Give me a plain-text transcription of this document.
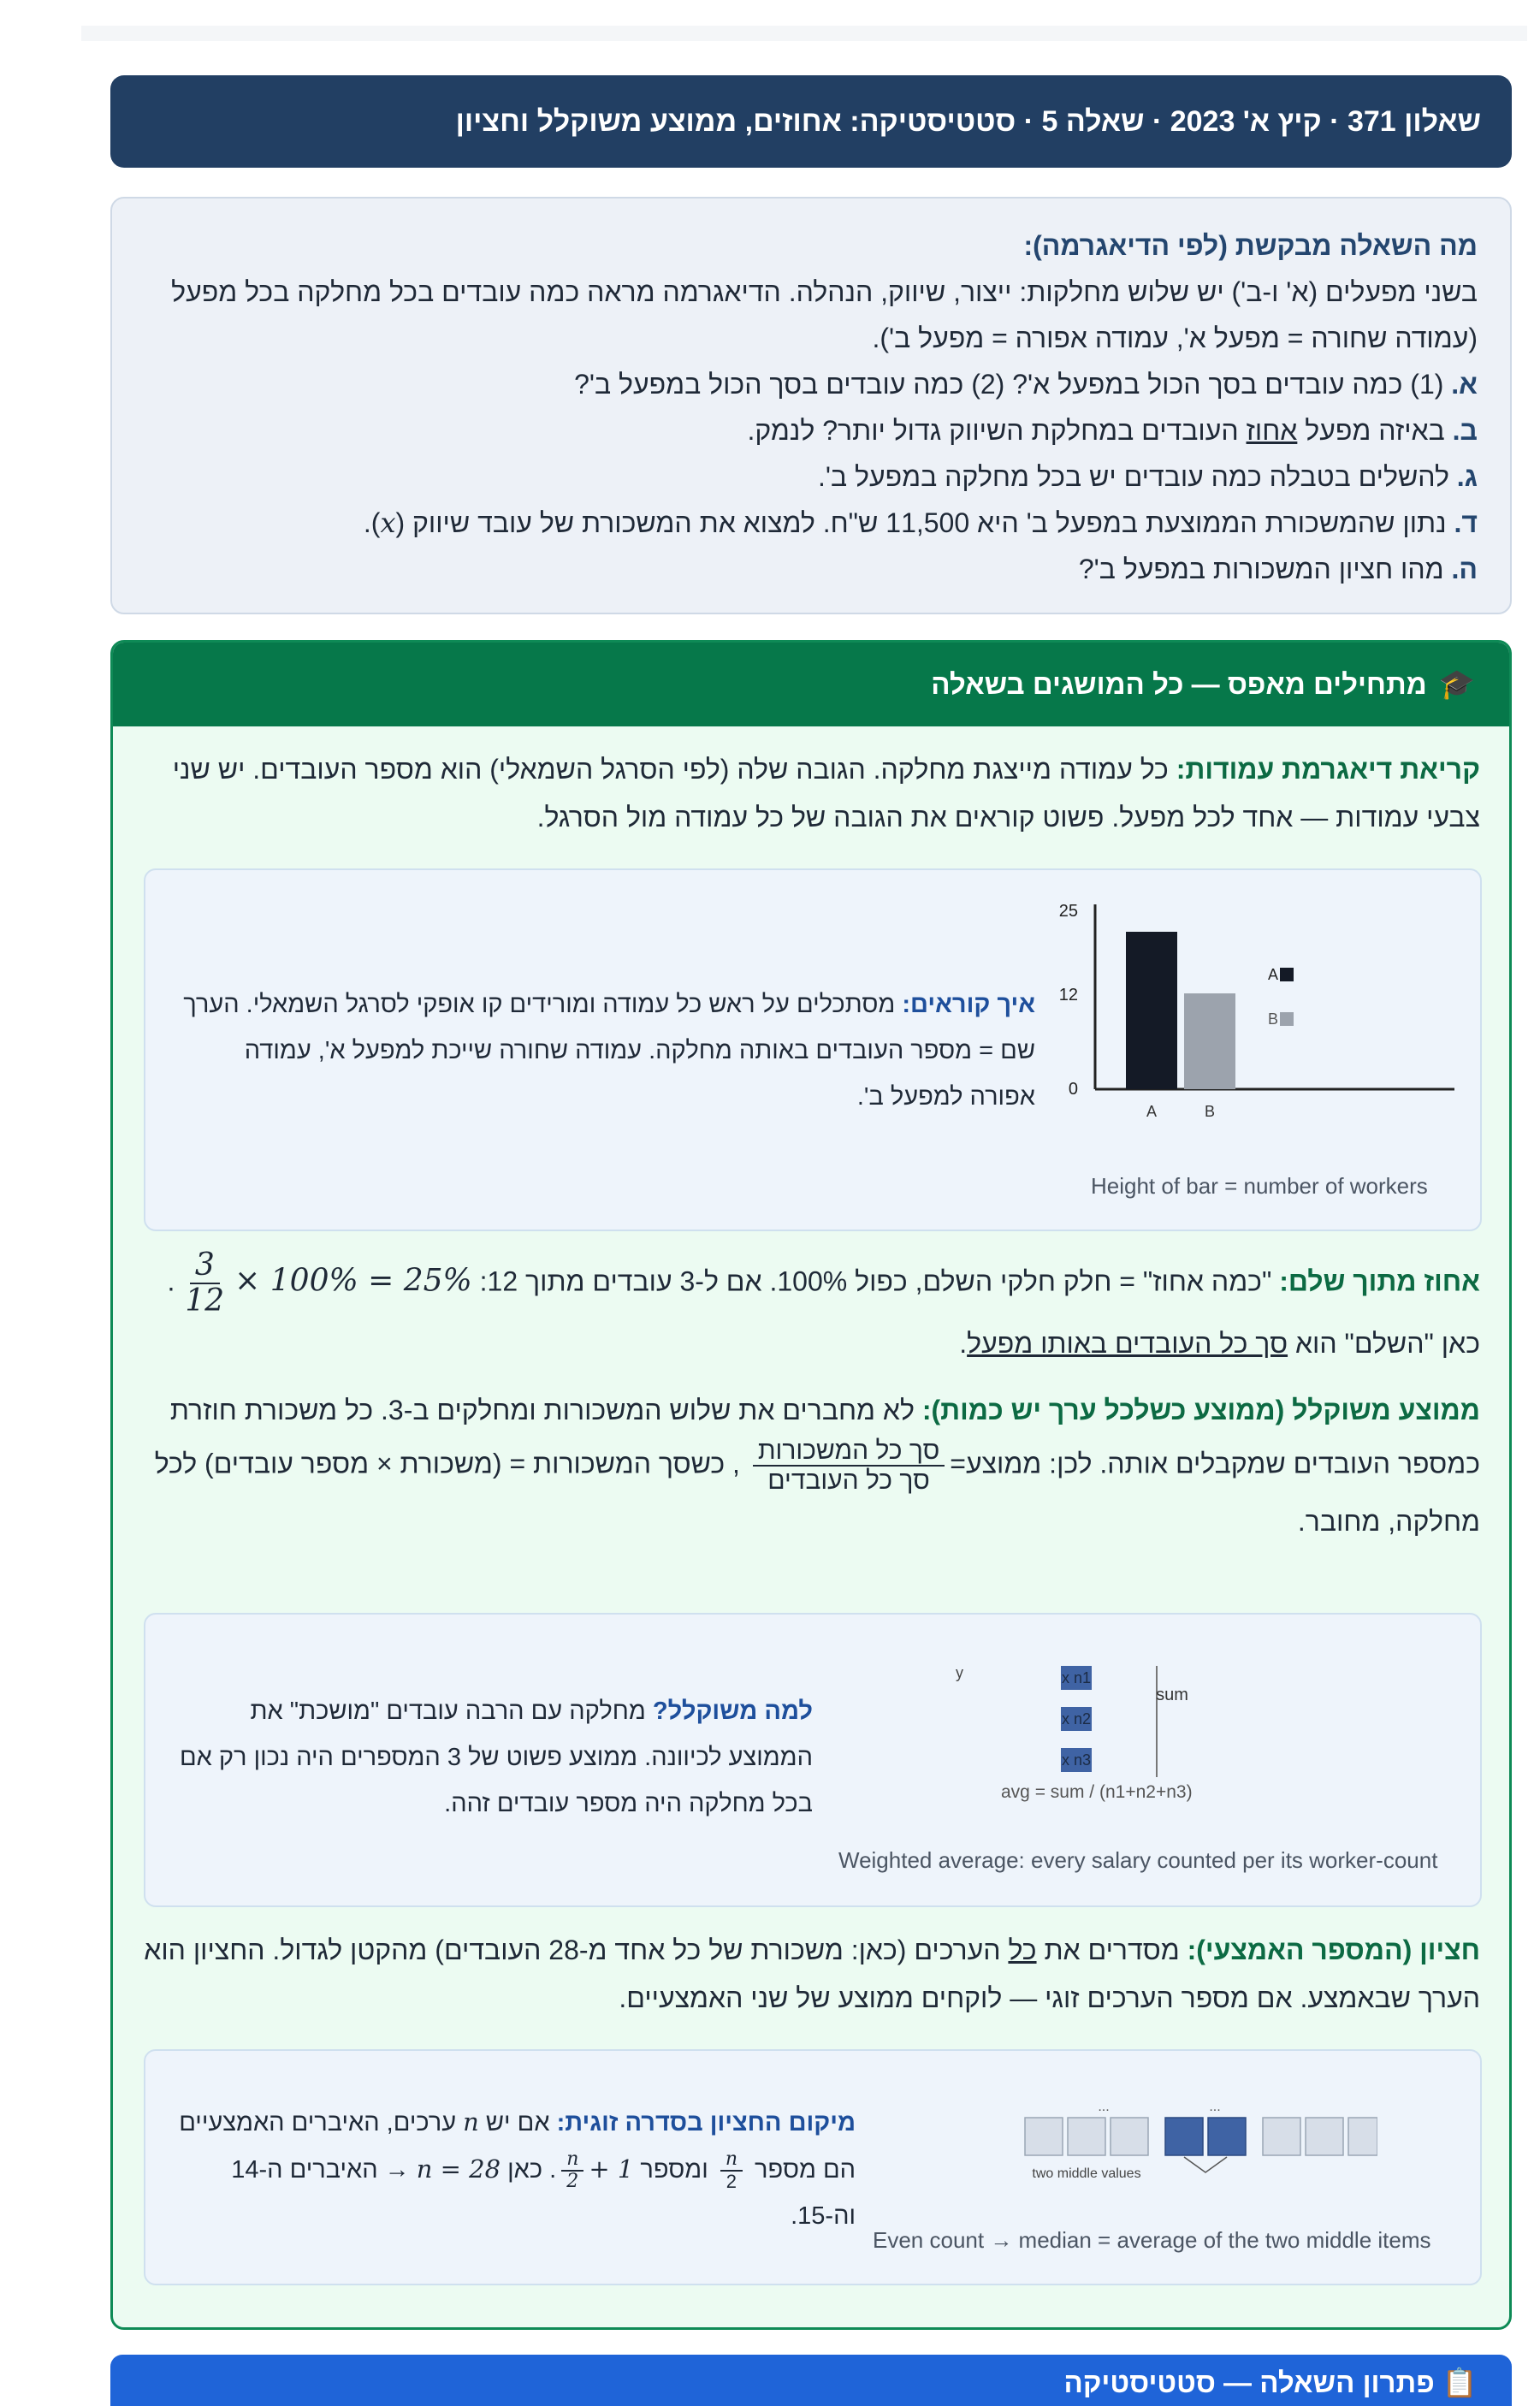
שאלון 371 · קיץ א' 2023 · שאלה 5 · סטטיסטיקה: אחוזים, ממוצע משוקלל וחציון
מה השאלה מבקשת (לפי הדיאגרמה):
בשני מפעלים (א' ו-ב') יש שלוש מחלקות: ייצור, שיווק, הנהלה. הדיאגרמה מראה כמה עובדים בכל מחלקה בכל מפעל (עמודה שחורה = מפעל א', עמודה אפורה = מפעל ב').
א. (1) כמה עובדים בסך הכול במפעל א'? (2) כמה עובדים בסך הכול במפעל ב'?
ב. באיזה מפעל אחוז העובדים במחלקת השיווק גדול יותר? לנמק.
ג. להשלים בטבלה כמה עובדים יש בכל מחלקה במפעל ב'.
ד. נתון שהמשכורת הממוצעת במפעל ב' היא 11,500 ש"ח. למצוא את המשכורת של עובד שיווק (x).
ה. מהו חציון המשכורות במפעל ב'?
🎓
מתחילים מאפס — כל המושגים בשאלה
קריאת דיאגרמת עמודות: כל עמודה מייצגת מחלקה. הגובה שלה (לפי הסרגל השמאלי) הוא מספר העובדים. יש שני צבעי עמודות — אחד לכל מפעל. פשוט קוראים את הגובה של כל עמודה מול הסרגל.
איך קוראים: מסתכלים על ראש כל עמודה ומורידים קו אופקי לסרגל השמאלי. הערך שם = מספר העובדים באותה מחלקה. עמודה שחורה שייכת למפעל א', עמודה אפורה למפעל ב'.
25
12
0
A	B
A
B
Height of bar = number of workers
אחוז מתוך שלם: "כמה אחוז" = חלק חלקי השלם, כפול 100%. אם ל-3 עובדים מתוך 12:
$\frac{3}{12} \times 100\% = 25\%$. כאן "השלם" הוא סך כל העובדים באותו מפעל.
ממוצע משוקלל (ממוצע כשלכל ערך יש כמות): לא מחברים את שלוש המשכורות ומחלקים ב-3. כל משכורת חוזרת כמספר העובדים שמקבלים אותה. לכן: ממוצע=
$\frac{\text{סך כל המשכורות}}{\text{סך כל העובדים}}$
, כשסך המשכורות = (משכורת × מספר עובדים) לכל מחלקה, מחובר.
למה משוקלל? מחלקה עם הרבה עובדים "מושכת" את הממוצע לכיוונה. ממוצע פשוט של 3 המספרים היה נכון רק אם בכל מחלקה היה מספר עובדים זהה.
y	x n1
x n2
x n3
sum
avg = sum / (n1+n2+n3)
Weighted average: every salary counted per its worker-count
חציון (המספר האמצעי): מסדרים את כל הערכים (כאן: משכורת של כל אחד מ-28 העובדים) מהקטן לגדול. החציון הוא הערך שבאמצע. אם מספר הערכים זוגי — לוקחים ממוצע של שני האמצעיים.
מיקום החציון בסדרה זוגית: אם יש n ערכים, האיברים האמצעיים הם מספר
$\frac{n}{2}$
ומספר
$\frac{n}{2} + 1$. כאן n = 28 → האיברים ה-14 וה-15.
...	...
two middle values
Even count → median = average of the two middle items
📋 פתרון השאלה — סטטיסטיקה
